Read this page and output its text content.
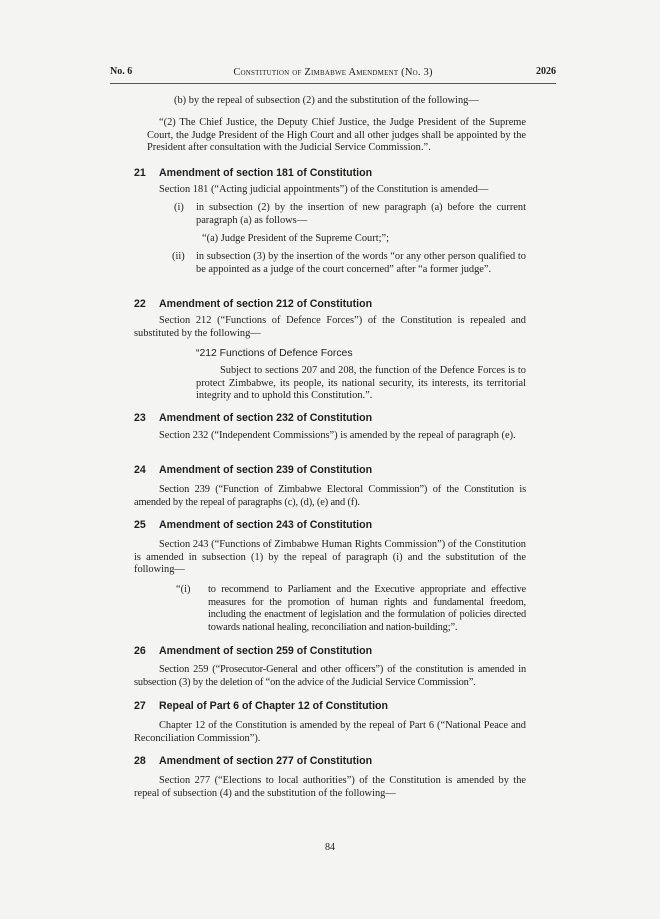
No. 6	Constitution of Zimbabwe Amendment (No. 3)	2026
(b) by the repeal of subsection (2) and the substitution of the following—
“(2) The Chief Justice, the Deputy Chief Justice, the Judge President of the Supreme Court, the Judge President of the High Court and all other judges shall be appointed by the President after consultation with the Judicial Service Commission.”.
21 Amendment of section 181 of Constitution
Section 181 (“Acting judicial appointments”) of the Constitution is amended—
(i)	in subsection (2) by the insertion of new paragraph (a) before the current paragraph (a) as follows—
“(a) Judge President of the Supreme Court;”;
(ii)	in subsection (3) by the insertion of the words “or any other person qualified to be appointed as a judge of the court concerned” after “a former judge”.
22 Amendment of section 212 of Constitution
Section 212 (“Functions of Defence Forces”) of the Constitution is repealed and substituted by the following—
“212 Functions of Defence Forces
Subject to sections 207 and 208, the function of the Defence Forces is to protect Zimbabwe, its people, its national security, its interests, its territorial integrity and to uphold this Constitution.”.
23 Amendment of section 232 of Constitution
Section 232 (“Independent Commissions”) is amended by the repeal of paragraph (e).
24 Amendment of section 239 of Constitution
Section 239 (“Function of Zimbabwe Electoral Commission”) of the Constitution is amended by the repeal of paragraphs (c), (d), (e) and (f).
25 Amendment of section 243 of Constitution
Section 243 (“Functions of Zimbabwe Human Rights Commission”) of the Constitution is amended in subsection (1) by the repeal of paragraph (i) and the substitution of the following—
“(i)	to recommend to Parliament and the Executive appropriate and effective measures for the promotion of human rights and fundamental freedom, including the enactment of legislation and the formulation of policies directed towards national healing, reconciliation and nation-building;”.
26 Amendment of section 259 of Constitution
Section 259 (“Prosecutor-General and other officers”) of the constitution is amended in subsection (3) by the deletion of “on the advice of the Judicial Service Commission”.
27 Repeal of Part 6 of Chapter 12 of Constitution
Chapter 12 of the Constitution is amended by the repeal of Part 6 (“National Peace and Reconciliation Commission”).
28 Amendment of section 277 of Constitution
Section 277 (“Elections to local authorities”) of the Constitution is amended by the repeal of subsection (4) and the substitution of the following—
84
